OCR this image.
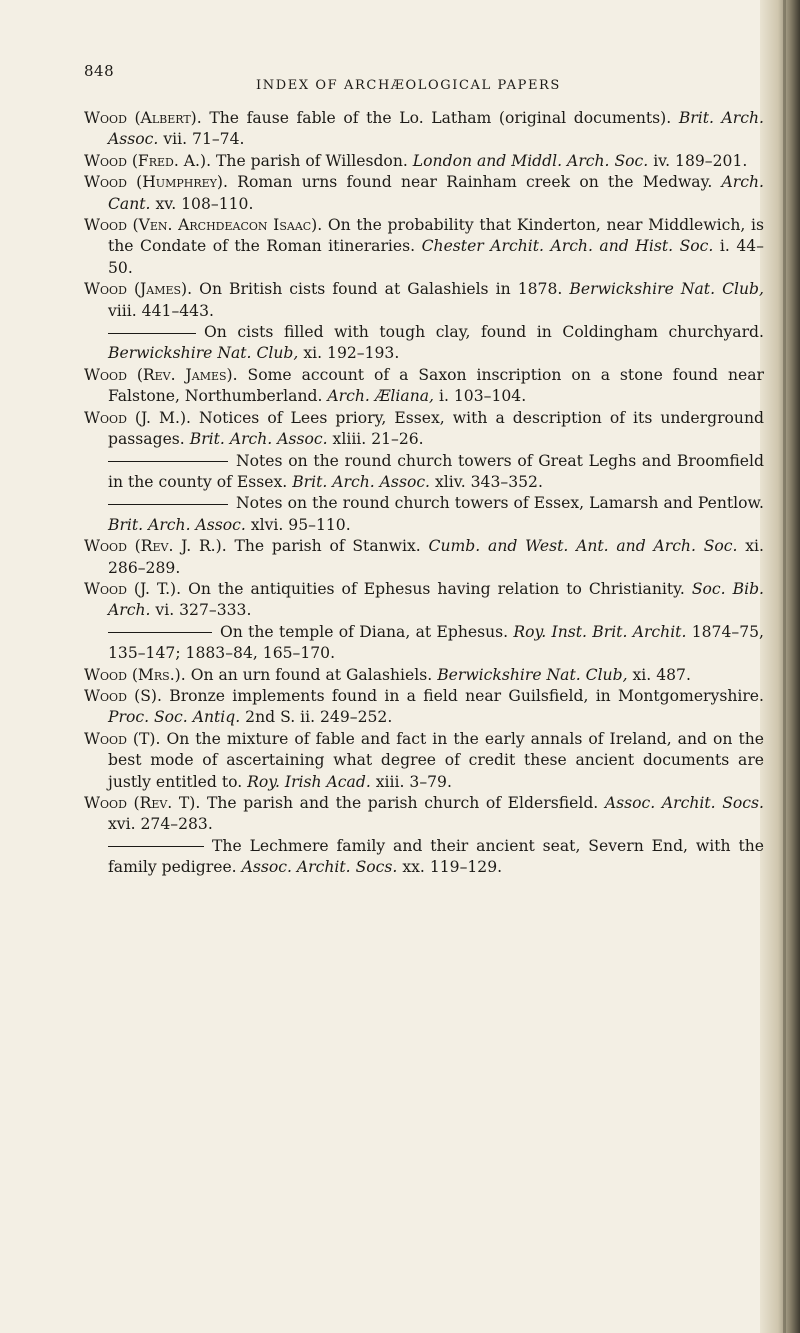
848
INDEX OF ARCHÆOLOGICAL PAPERS

Wood (Albert). The fause fable of the Lo. Latham (original documents). Brit. Arch. Assoc. vii. 71–74.

Wood (Fred. A.). The parish of Willesdon. London and Middl. Arch. Soc. iv. 189–201.

Wood (Humphrey). Roman urns found near Rainham creek on the Medway. Arch. Cant. xv. 108–110.

Wood (Ven. Archdeacon Isaac). On the probability that Kinderton, near Middlewich, is the Condate of the Roman itineraries. Chester Archit. Arch. and Hist. Soc. i. 44–50.

Wood (James). On British cists found at Galashiels in 1878. Berwickshire Nat. Club, viii. 441–443.

On cists filled with tough clay, found in Coldingham churchyard. Berwickshire Nat. Club, xi. 192–193.

Wood (Rev. James). Some account of a Saxon inscription on a stone found near Falstone, Northumberland. Arch. Æliana, i. 103–104.

Wood (J. M.). Notices of Lees priory, Essex, with a description of its underground passages. Brit. Arch. Assoc. xliii. 21–26.

Notes on the round church towers of Great Leghs and Broomfield in the county of Essex. Brit. Arch. Assoc. xliv. 343–352.

Notes on the round church towers of Essex, Lamarsh and Pentlow. Brit. Arch. Assoc. xlvi. 95–110.

Wood (Rev. J. R.). The parish of Stanwix. Cumb. and West. Ant. and Arch. Soc. xi. 286–289.

Wood (J. T.). On the antiquities of Ephesus having relation to Christianity. Soc. Bib. Arch. vi. 327–333.

On the temple of Diana, at Ephesus. Roy. Inst. Brit. Archit. 1874–75, 135–147; 1883–84, 165–170.

Wood (Mrs.). On an urn found at Galashiels. Berwickshire Nat. Club, xi. 487.

Wood (S). Bronze implements found in a field near Guilsfield, in Montgomeryshire. Proc. Soc. Antiq. 2nd S. ii. 249–252.

Wood (T). On the mixture of fable and fact in the early annals of Ireland, and on the best mode of ascertaining what degree of credit these ancient documents are justly entitled to. Roy. Irish Acad. xiii. 3–79.

Wood (Rev. T). The parish and the parish church of Eldersfield. Assoc. Archit. Socs. xvi. 274–283.

The Lechmere family and their ancient seat, Severn End, with the family pedigree. Assoc. Archit. Socs. xx. 119–129.
